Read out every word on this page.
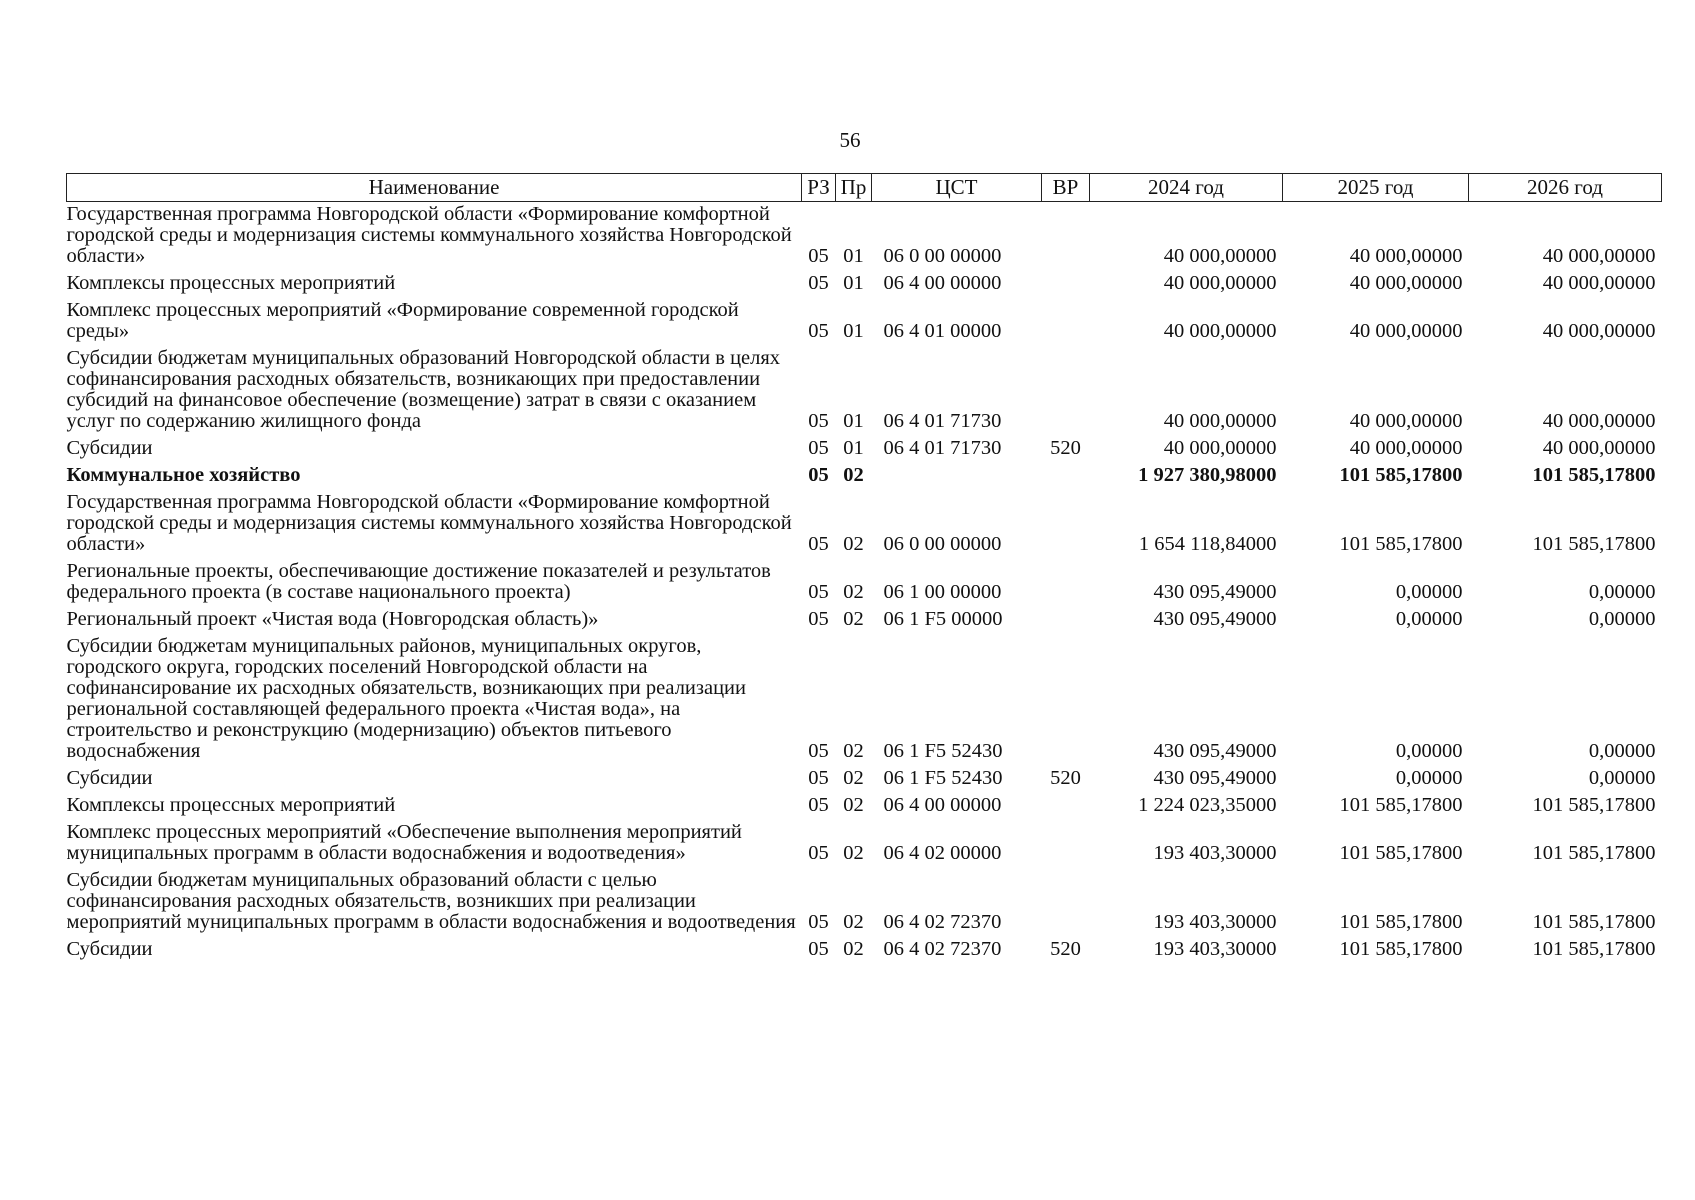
56
Наименование	РЗ	Пр	ЦСТ	ВР	2024 год	2025 год	2026 год
Государственная программа Новгородской области «Формирование комфортной городской среды и модернизация системы коммунального хозяйства Новгородской области»	05	01	06 0 00 00000		40 000,00000	40 000,00000	40 000,00000
Комплексы процессных мероприятий	05	01	06 4 00 00000		40 000,00000	40 000,00000	40 000,00000
Комплекс процессных мероприятий «Формирование современной городской среды»	05	01	06 4 01 00000		40 000,00000	40 000,00000	40 000,00000
Субсидии бюджетам муниципальных образований Новгородской области в целях софинансирования расходных обязательств, возникающих при предоставлении субсидий на финансовое обеспечение (возмещение) затрат в связи с оказанием услуг по содержанию жилищного фонда	05	01	06 4 01 71730		40 000,00000	40 000,00000	40 000,00000
Субсидии	05	01	06 4 01 71730	520	40 000,00000	40 000,00000	40 000,00000
Коммунальное хозяйство	05	02			1 927 380,98000	101 585,17800	101 585,17800
Государственная программа Новгородской области «Формирование комфортной городской среды и модернизация системы коммунального хозяйства Новгородской области»	05	02	06 0 00 00000		1 654 118,84000	101 585,17800	101 585,17800
Региональные проекты, обеспечивающие достижение показателей и результатов федерального проекта (в составе национального проекта)	05	02	06 1 00 00000		430 095,49000	0,00000	0,00000
Региональный проект «Чистая вода (Новгородская область)»	05	02	06 1 F5 00000		430 095,49000	0,00000	0,00000
Субсидии бюджетам муниципальных районов, муниципальных округов, городского округа, городских поселений Новгородской области на софинансирование их расходных обязательств, возникающих при реализации региональной составляющей федерального проекта «Чистая вода», на строительство и реконструкцию (модернизацию) объектов питьевого водоснабжения	05	02	06 1 F5 52430		430 095,49000	0,00000	0,00000
Субсидии	05	02	06 1 F5 52430	520	430 095,49000	0,00000	0,00000
Комплексы процессных мероприятий	05	02	06 4 00 00000		1 224 023,35000	101 585,17800	101 585,17800
Комплекс процессных мероприятий «Обеспечение выполнения мероприятий муниципальных программ в области водоснабжения и водоотведения»	05	02	06 4 02 00000		193 403,30000	101 585,17800	101 585,17800
Субсидии бюджетам муниципальных образований области с целью софинансирования расходных обязательств, возникших при реализации мероприятий муниципальных программ в области водоснабжения и водоотведения	05	02	06 4 02 72370		193 403,30000	101 585,17800	101 585,17800
Субсидии	05	02	06 4 02 72370	520	193 403,30000	101 585,17800	101 585,17800
